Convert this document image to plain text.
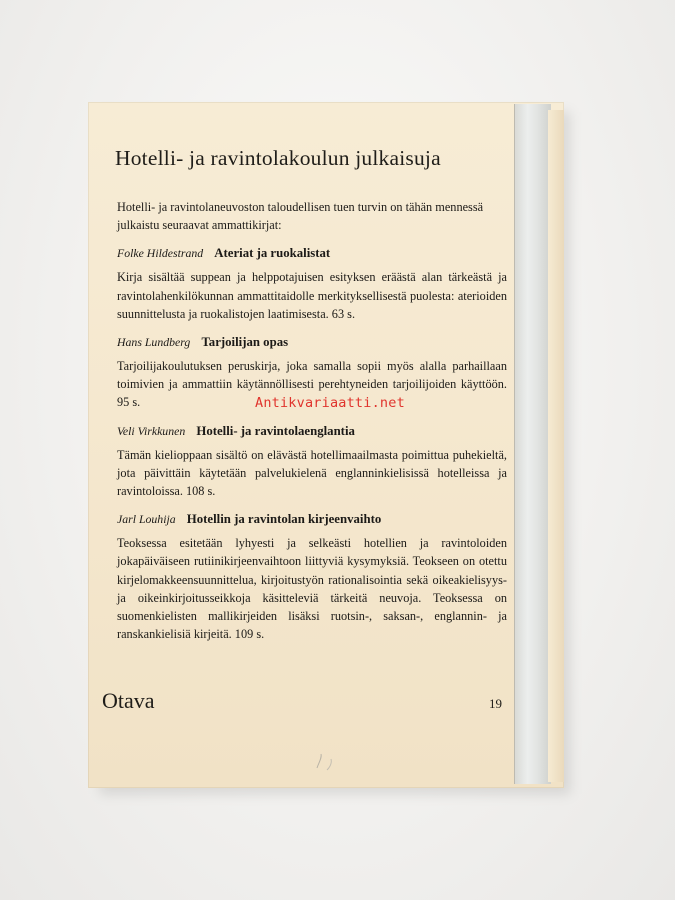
Hotelli- ja ravintolakoulun julkaisuja

Hotelli- ja ravintolaneuvoston taloudellisen tuen turvin on tähän mennessä julkaistu seuraavat ammattikirjat:

Folke Hildestrand Ateriat ja ruokalistat

Kirja sisältää suppean ja helppotajuisen esityksen eräästä alan tärkeästä ja ravintolahenkilökunnan ammattitaidolle merkityksellisestä puolesta: aterioiden suunnittelusta ja ruokalistojen laatimisesta. 63 s.

Hans Lundberg Tarjoilijan opas

Tarjoilijakoulutuksen peruskirja, joka samalla sopii myös alalla parhaillaan toimivien ja ammattiin käytännöllisesti perehtyneiden tarjoilijoiden käyttöön. 95 s.

Veli Virkkunen Hotelli- ja ravintolaenglantia

Tämän kielioppaan sisältö on elävästä hotellimaailmasta poimittua puhekieltä, jota päivittäin käytetään palvelukielenä englanninkielisissä hotelleissa ja ravintoloissa. 108 s.

Jarl Louhija Hotellin ja ravintolan kirjeenvaihto

Teoksessa esitetään lyhyesti ja selkeästi hotellien ja ravintoloiden jokapäiväiseen rutiinikirjeenvaihtoon liittyviä kysymyksiä. Teokseen on otettu kirjelomakkeensuunnittelua, kirjoitustyön rationalisointia sekä oikeakielisyys- ja oikeinkirjoitusseikkoja käsitteleviä tärkeitä neuvoja. Teoksessa on suomenkielisten mallikirjeiden lisäksi ruotsin-, saksan-, englannin- ja ranskankielisiä kirjeitä. 109 s.

Otava	19
Antikvariaatti.net
